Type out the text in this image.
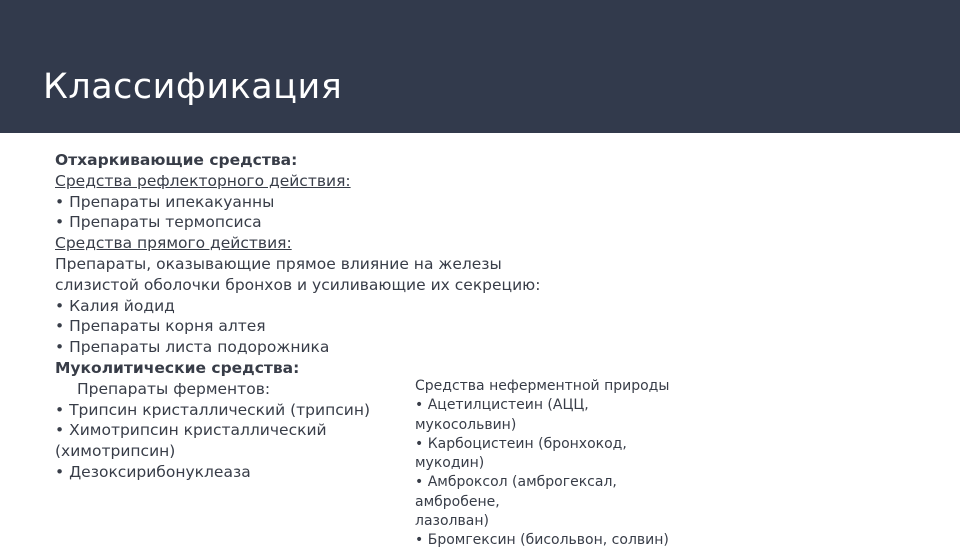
Классификация
Отхаркивающие средства:
Средства рефлекторного действия:
• Препараты ипекакуанны
• Препараты термопсиса
Средства прямого действия:
Препараты, оказывающие прямое влияние на железы
слизистой оболочки бронхов и усиливающие их секрецию:
• Калия йодид
• Препараты корня алтея
• Препараты листа подорожника
Муколитические средства:
Препараты ферментов:
• Трипсин кристаллический (трипсин)
• Химотрипсин кристаллический
(химотрипсин)
• Дезоксирибонуклеаза
Средства неферментной природы
• Ацетилцистеин (АЦЦ,
мукосольвин)
• Карбоцистеин (бронхокод,
мукодин)
• Амброксол (амброгексал,
амбробене,
лазолван)
• Бромгексин (бисольвон, солвин)
